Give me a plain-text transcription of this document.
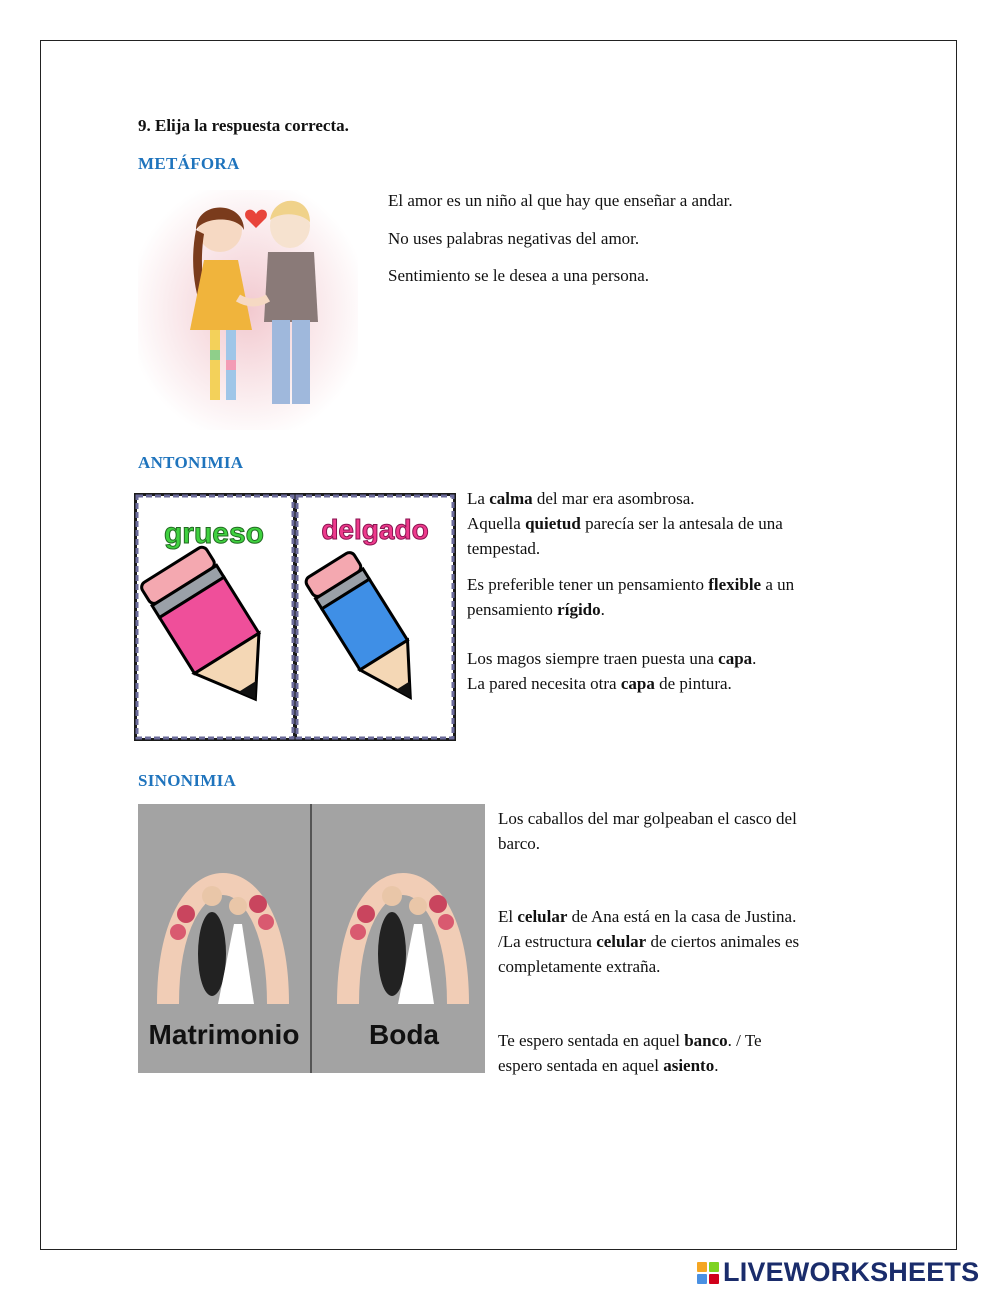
9. Elija la respuesta correcta.
METÁFORA
El amor es un niño al que hay que enseñar a andar.
No uses palabras negativas del amor.
Sentimiento se le desea a una persona.
ANTONIMIA
grueso delgado
La calma del mar era asombrosa.
Aquella quietud parecía ser la antesala de una
tempestad.
Es preferible tener un pensamiento flexible a un
pensamiento rígido.
Los magos siempre traen puesta una capa.
La pared necesita otra capa de pintura.
SINONIMIA
Matrimonio Boda
Los caballos del mar golpeaban el casco del
barco.
El celular de Ana está en la casa de Justina.
/La estructura celular de ciertos animales es
completamente extraña.
Te espero sentada en aquel banco. / Te
espero sentada en aquel asiento.
LIVEWORKSHEETS
